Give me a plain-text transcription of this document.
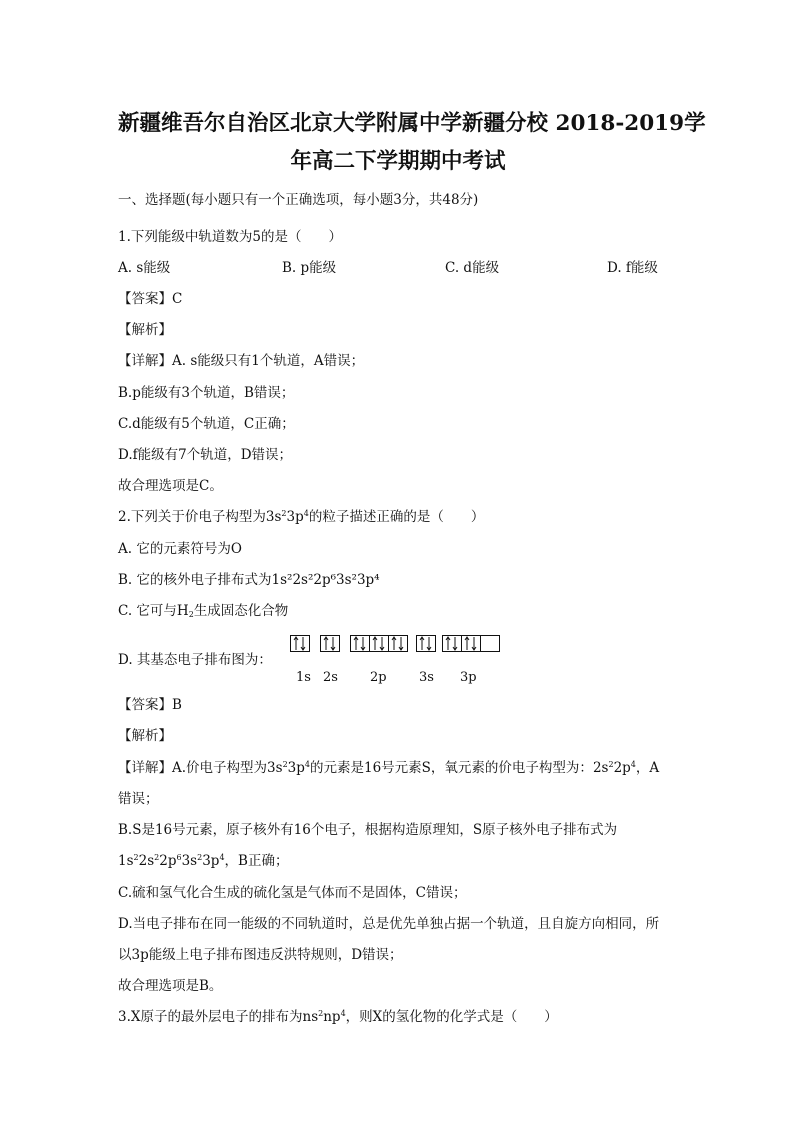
新疆维吾尔自治区北京大学附属中学新疆分校 2018-2019学
年高二下学期期中考试
一、选择题(每小题只有一个正确选项，每小题3分，共48分)
1.下列能级中轨道数为5的是（　　）
A. s能级	B. p能级	C. d能级	D. f能级
【答案】C
【解析】
【详解】A. s能级只有1个轨道，A错误；
B.p能级有3个轨道，B错误；
C.d能级有5个轨道，C正确；
D.f能级有7个轨道，D错误；
故合理选项是C。
2.下列关于价电子构型为$3s^23p^4$的粒子描述正确的是（　　）
A. 它的元素符号为O
B. 它的核外电子排布式为1s²2s²2p⁶3s²3p⁴
C. 它可与$H_2$生成固态化合物
D. 其基态电子排布图为：
1s 2s 2p 3s 3p
【答案】B
【解析】
【详解】A.价电子构型为$3s^23p^4$的元素是16号元素S，氧元素的价电子构型为：$2s^22p^4$，A
错误；
B.S是16号元素，原子核外有16个电子，根据构造原理知，S原子核外电子排布式为
$1s^22s^22p^63s^23p^4$，B正确；
C.硫和氢气化合生成的硫化氢是气体而不是固体，C错误；
D.当电子排布在同一能级的不同轨道时，总是优先单独占据一个轨道，且自旋方向相同，所
以3p能级上电子排布图违反洪特规则，D错误；
故合理选项是B。
3.X原子的最外层电子的排布为$ns^2np^4$，则X的氢化物的化学式是（　　）
